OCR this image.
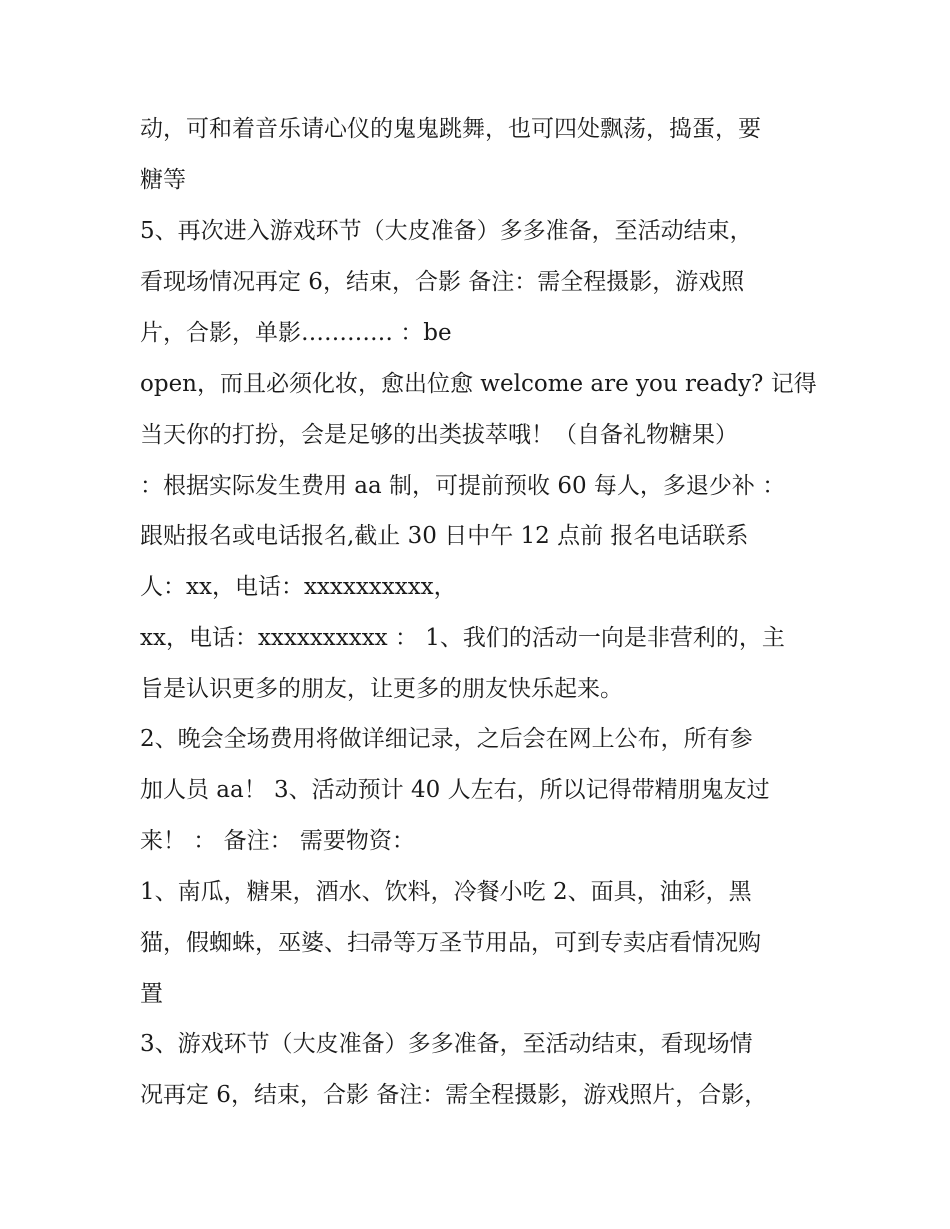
动，可和着音乐请心仪的鬼鬼跳舞，也可四处飘荡，捣蛋，要
糖等
5、再次进入游戏环节（大皮准备）多多准备，至活动结束，
看现场情况再定 6，结束，合影 备注：需全程摄影，游戏照
片，合影，单影………… ：be
open，而且必须化妆，愈出位愈 welcome are you ready? 记得
当天你的打扮，会是足够的出类拔萃哦！（自备礼物糖果）
：根据实际发生费用 aa 制，可提前预收 60 每人，多退少补 ：
跟贴报名或电话报名,截止 30 日中午 12 点前 报名电话联系
人：xx，电话：xxxxxxxxxx，
xx，电话：xxxxxxxxxx ： 1、我们的活动一向是非营利的，主
旨是认识更多的朋友，让更多的朋友快乐起来。
2、晚会全场费用将做详细记录，之后会在网上公布，所有参
加人员 aa！ 3、活动预计 40 人左右，所以记得带精朋鬼友过
来！ ： 备注： 需要物资：
1、南瓜，糖果，酒水、饮料，冷餐小吃 2、面具，油彩，黑
猫，假蜘蛛，巫婆、扫帚等万圣节用品，可到专卖店看情况购
置
3、游戏环节（大皮准备）多多准备，至活动结束，看现场情
况再定 6，结束，合影 备注：需全程摄影，游戏照片，合影，
